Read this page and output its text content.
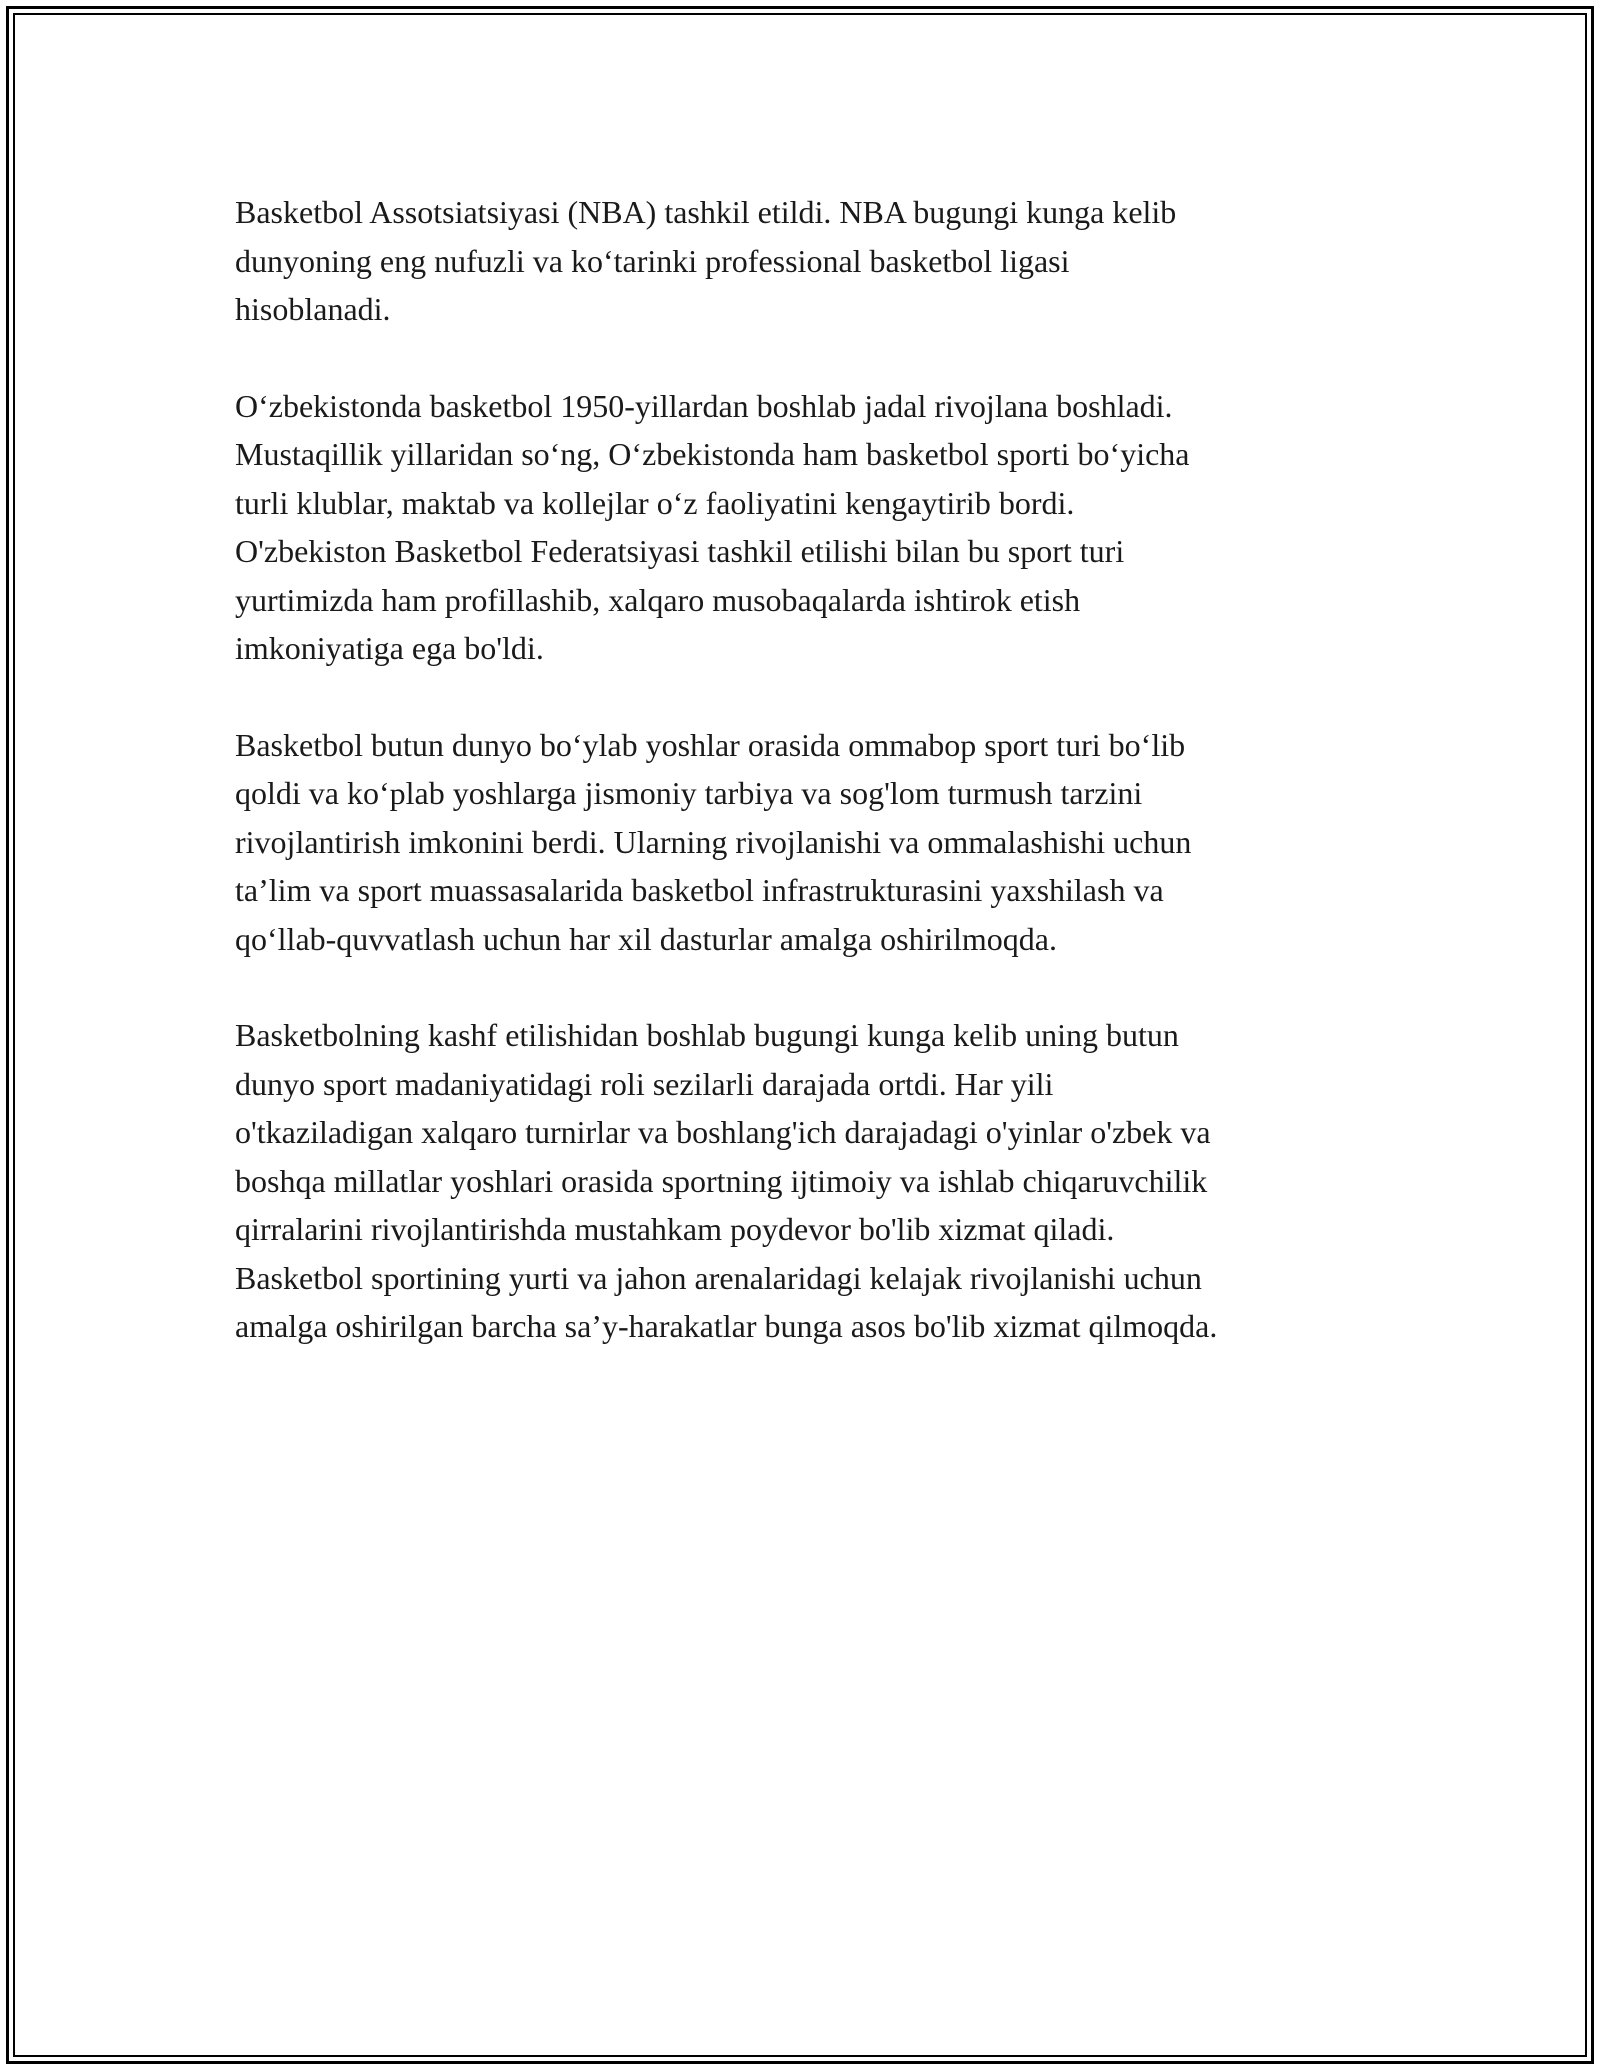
Basketbol Assotsiatsiyasi (NBA) tashkil etildi. NBA bugungi kunga kelib
dunyoning eng nufuzli va ko‘tarinki professional basketbol ligasi
hisoblanadi.

O‘zbekistonda basketbol 1950-yillardan boshlab jadal rivojlana boshladi.
Mustaqillik yillaridan so‘ng, O‘zbekistonda ham basketbol sporti bo‘yicha
turli klublar, maktab va kollejlar o‘z faoliyatini kengaytirib bordi.
O'zbekiston Basketbol Federatsiyasi tashkil etilishi bilan bu sport turi
yurtimizda ham profillashib, xalqaro musobaqalarda ishtirok etish
imkoniyatiga ega bo'ldi.

Basketbol butun dunyo bo‘ylab yoshlar orasida ommabop sport turi bo‘lib
qoldi va ko‘plab yoshlarga jismoniy tarbiya va sog'lom turmush tarzini
rivojlantirish imkonini berdi. Ularning rivojlanishi va ommalashishi uchun
ta’lim va sport muassasalarida basketbol infrastrukturasini yaxshilash va
qo‘llab-quvvatlash uchun har xil dasturlar amalga oshirilmoqda.

Basketbolning kashf etilishidan boshlab bugungi kunga kelib uning butun
dunyo sport madaniyatidagi roli sezilarli darajada ortdi. Har yili
o'tkaziladigan xalqaro turnirlar va boshlang'ich darajadagi o'yinlar o'zbek va
boshqa millatlar yoshlari orasida sportning ijtimoiy va ishlab chiqaruvchilik
qirralarini rivojlantirishda mustahkam poydevor bo'lib xizmat qiladi.
Basketbol sportining yurti va jahon arenalaridagi kelajak rivojlanishi uchun
amalga oshirilgan barcha sa’y-harakatlar bunga asos bo'lib xizmat qilmoqda.
